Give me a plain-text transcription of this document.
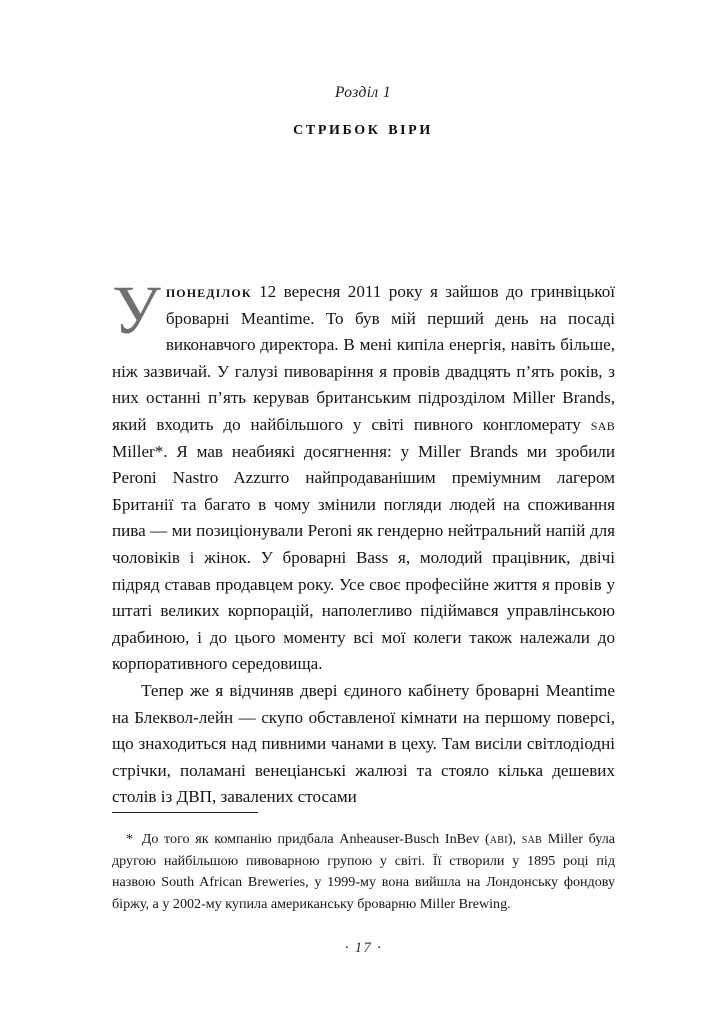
Розділ 1
стрибок віри

Упонеділок 12 вересня 2011 року я зайшов до гринвіцької броварні Meantime. То був мій перший день на посаді виконавчого директора. В мені кипіла енергія, навіть більше, ніж зазвичай. У галузі пивоваріння я провів двадцять п’ять років, з них останні п’ять керував британським підрозділом Miller Brands, який входить до найбільшого у світі пивного конгломерату sab Miller*. Я мав неабиякі досягнення: у Miller Brands ми зробили Peroni Nastro Azzurro найпродаванішим преміумним лагером Британії та багато в чому змінили погляди людей на споживання пива — ми позиціонували Peroni як гендерно нейтральний напій для чоловіків і жінок. У броварні Bass я, молодий працівник, двічі підряд ставав продавцем року. Усе своє професійне життя я провів у штаті великих корпорацій, наполегливо підіймався управлінською драбиною, і до цього моменту всі мої колеги також належали до корпоративного середовища.

Тепер же я відчиняв двері єдиного кабінету броварні Meantime на Блеквол-лейн — скупо обставленої кімнати на першому поверсі, що знаходиться над пивними чанами в цеху. Там висіли світлодіодні стрічки, поламані венеціанські жалюзі та стояло кілька дешевих столів із ДВП, завалених стосами

* До того як компанію придбала Anheauser-Busch InBev (abi), sab Miller була другою найбільшою пивоварною групою у світі. Її створили у 1895 році під назвою South African Breweries, у 1999-му вона вийшла на Лондонську фондову біржу, а у 2002-му купила американську броварню Miller Brewing.

· 17 ·
